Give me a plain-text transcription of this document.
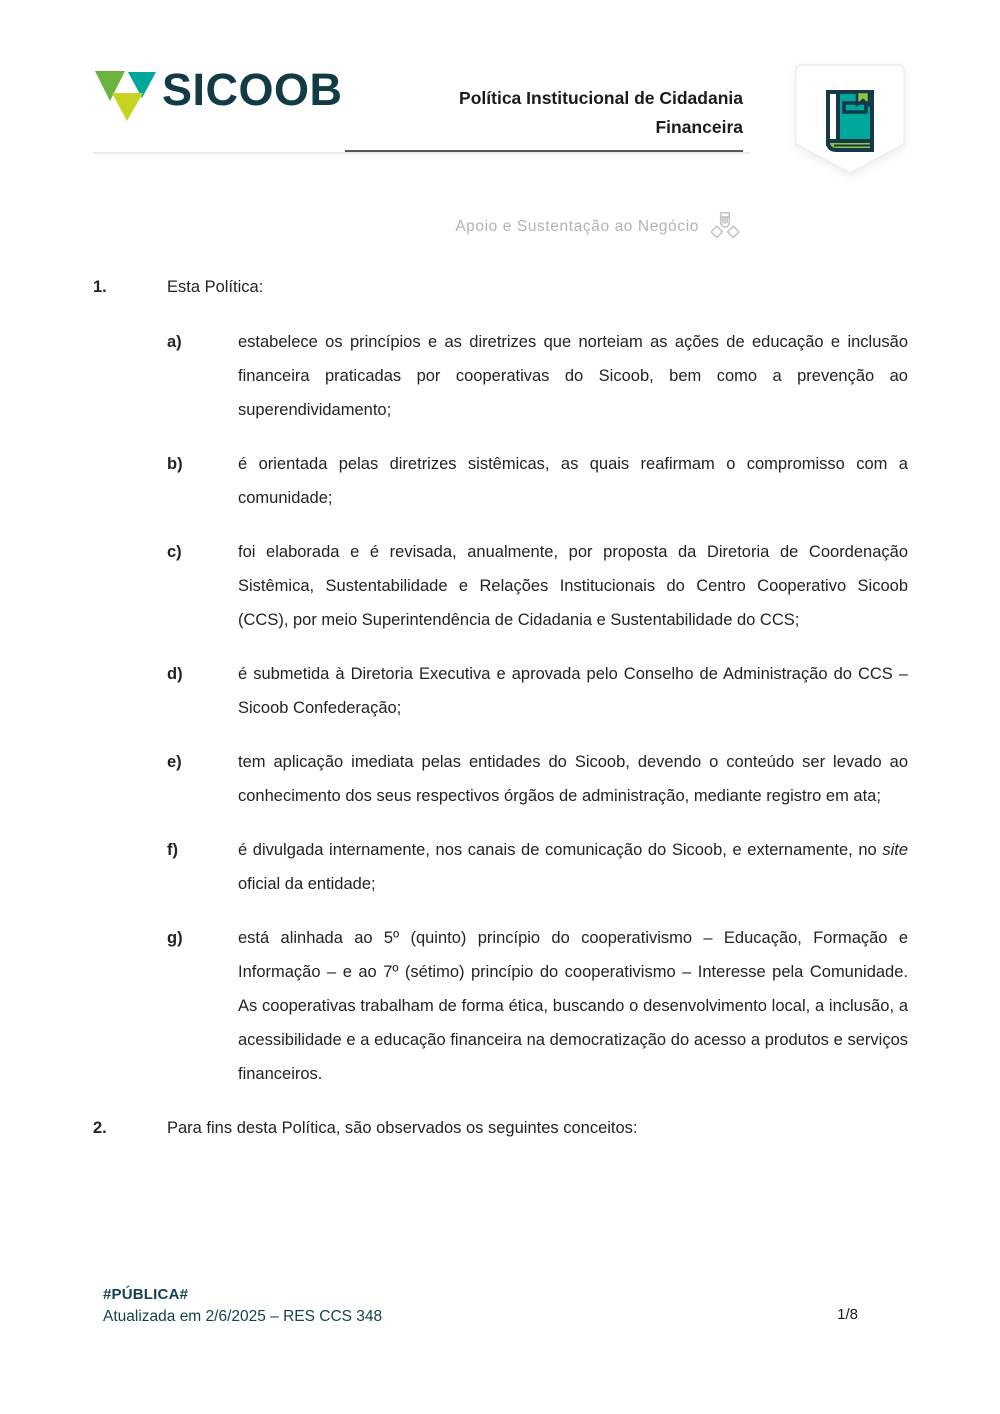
SICOOB	Política Institucional de Cidadania
Financeira
Apoio e Sustentação ao Negócio
1.	Esta Política:
a)	estabelece os princípios e as diretrizes que norteiam as ações de educação e inclusão financeira praticadas por cooperativas do Sicoob, bem como a prevenção ao superendividamento;
b)	é orientada pelas diretrizes sistêmicas, as quais reafirmam o compromisso com a comunidade;
c)	foi elaborada e é revisada, anualmente, por proposta da Diretoria de Coordenação Sistêmica, Sustentabilidade e Relações Institucionais do Centro Cooperativo Sicoob (CCS), por meio Superintendência de Cidadania e Sustentabilidade do CCS;
d)	é submetida à Diretoria Executiva e aprovada pelo Conselho de Administração do CCS – Sicoob Confederação;
e)	tem aplicação imediata pelas entidades do Sicoob, devendo o conteúdo ser levado ao conhecimento dos seus respectivos órgãos de administração, mediante registro em ata;
f)	é divulgada internamente, nos canais de comunicação do Sicoob, e externamente, no site oficial da entidade;
g)	está alinhada ao 5º (quinto) princípio do cooperativismo – Educação, Formação e Informação – e ao 7º (sétimo) princípio do cooperativismo – Interesse pela Comunidade. As cooperativas trabalham de forma ética, buscando o desenvolvimento local, a inclusão, a acessibilidade e a educação financeira na democratização do acesso a produtos e serviços financeiros.
2.	Para fins desta Política, são observados os seguintes conceitos:
#PÚBLICA#
Atualizada em 2/6/2025 – RES CCS 348	1/8
